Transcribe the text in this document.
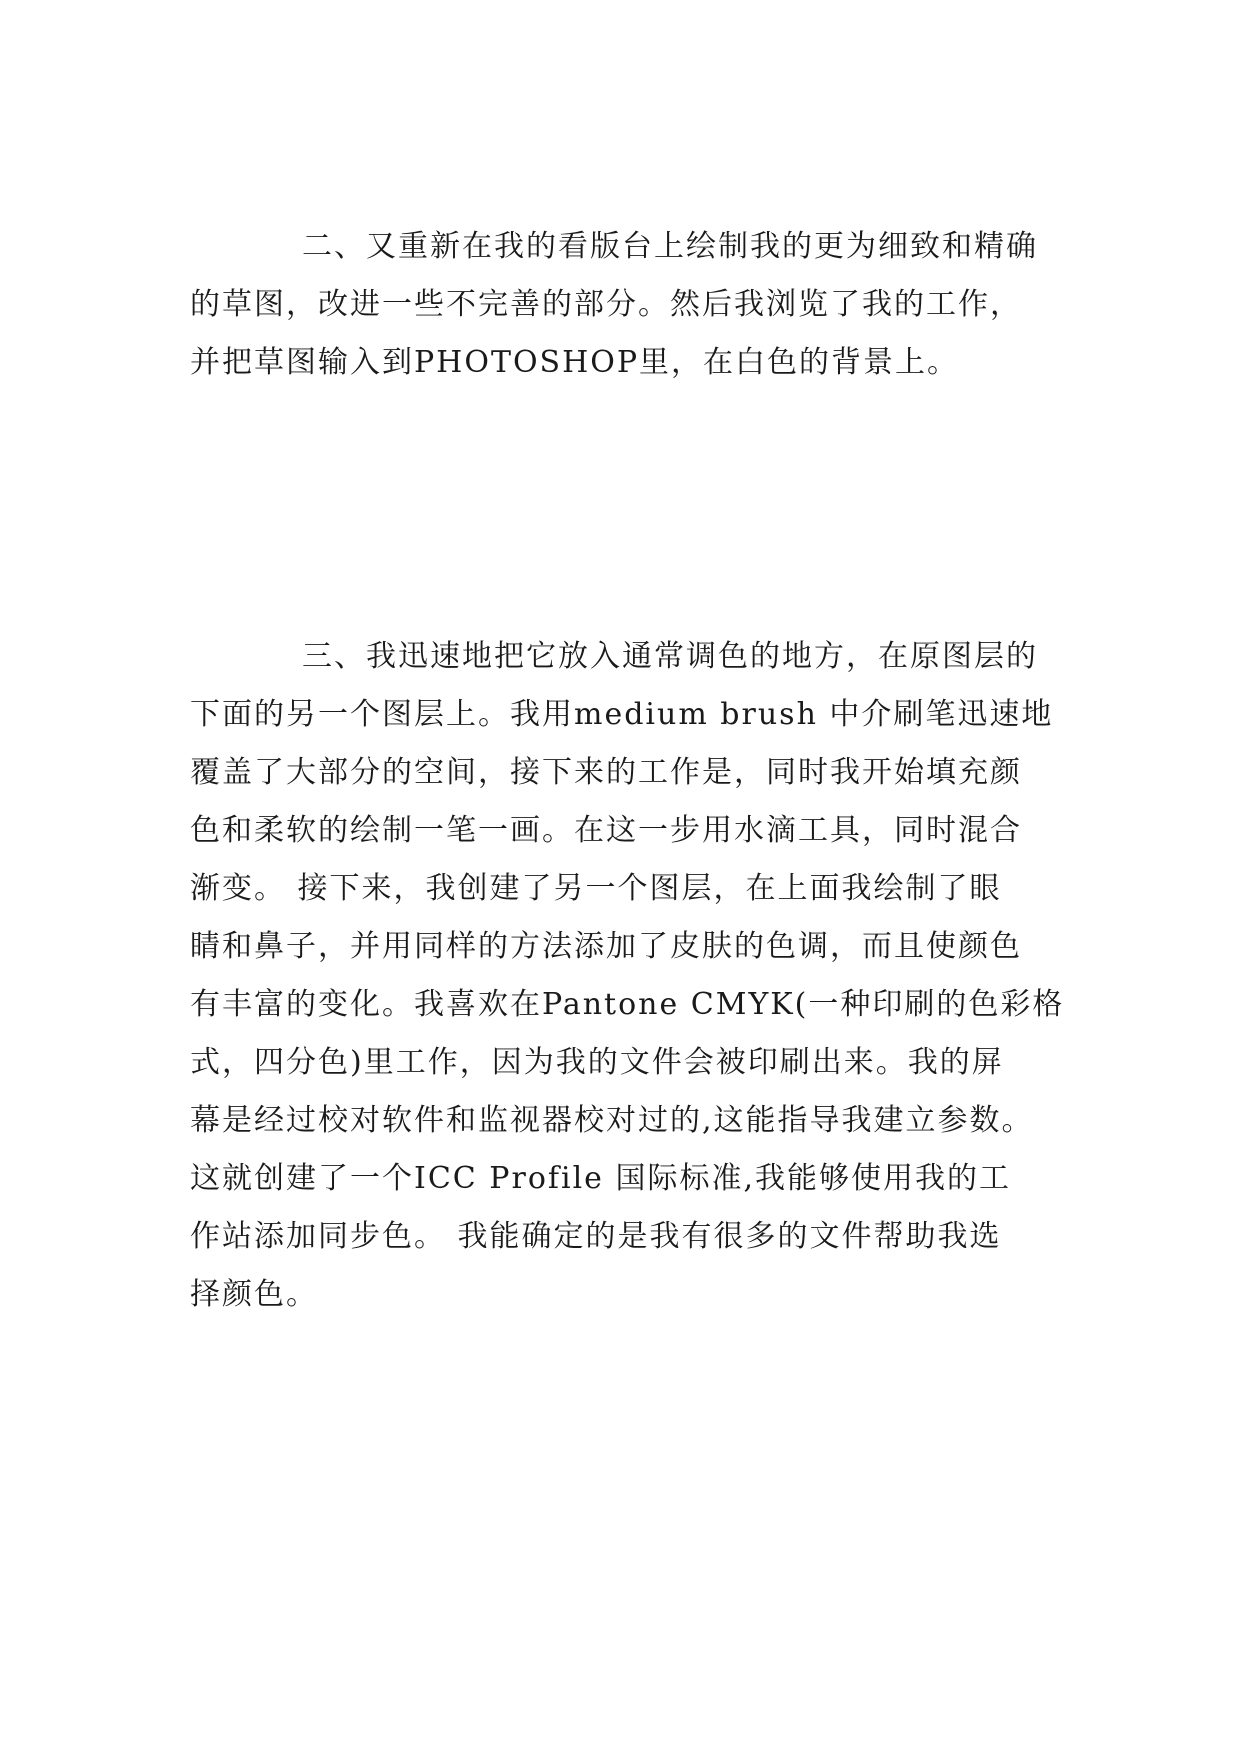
二、又重新在我的看版台上绘制我的更为细致和精确
的草图，改进一些不完善的部分。然后我浏览了我的工作，
并把草图输入到PHOTOSHOP里，在白色的背景上。
三、我迅速地把它放入通常调色的地方，在原图层的
下面的另一个图层上。我用medium brush 中介刷笔迅速地
覆盖了大部分的空间，接下来的工作是，同时我开始填充颜
色和柔软的绘制一笔一画。在这一步用水滴工具，同时混合
渐变。 接下来，我创建了另一个图层，在上面我绘制了眼
睛和鼻子，并用同样的方法添加了皮肤的色调，而且使颜色
有丰富的变化。我喜欢在Pantone CMYK(一种印刷的色彩格
式，四分色)里工作，因为我的文件会被印刷出来。我的屏
幕是经过校对软件和监视器校对过的,这能指导我建立参数。
这就创建了一个ICC Profile 国际标准,我能够使用我的工
作站添加同步色。 我能确定的是我有很多的文件帮助我选
择颜色。
